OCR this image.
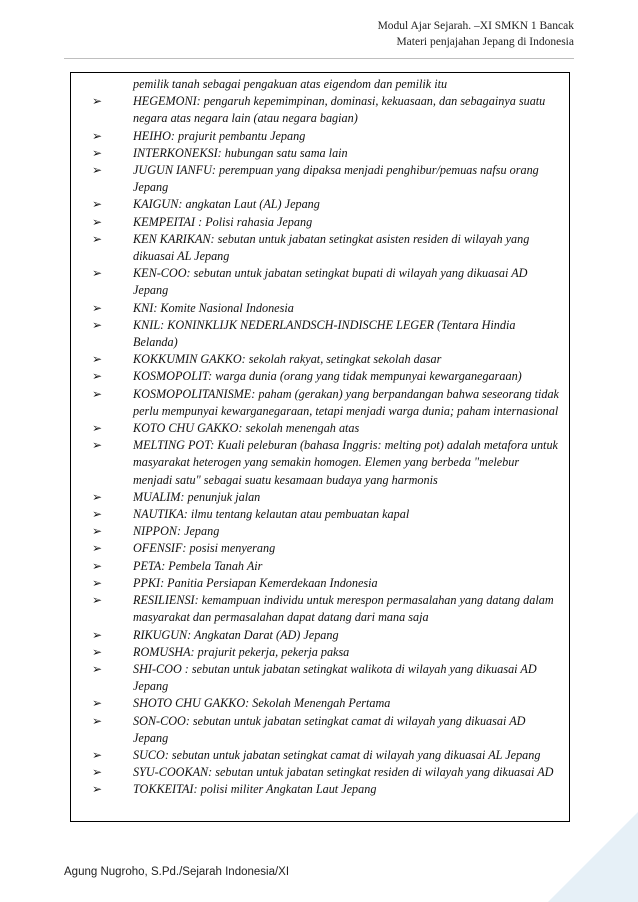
Modul Ajar Sejarah. –XI SMKN 1 Bancak
Materi penjajahan Jepang di Indonesia
pemilik tanah sebagai pengakuan atas eigendom dan pemilik itu
➢	HEGEMONI: pengaruh kepemimpinan, dominasi, kekuasaan, dan sebagainya suatu negara atas negara lain (atau negara bagian)
➢	HEIHO: prajurit pembantu Jepang
➢	INTERKONEKSI: hubungan satu sama lain
➢	JUGUN IANFU: perempuan yang dipaksa menjadi penghibur/pemuas nafsu orang Jepang
➢	KAIGUN: angkatan Laut (AL) Jepang
➢	KEMPEITAI : Polisi rahasia Jepang
➢	KEN KARIKAN: sebutan untuk jabatan setingkat asisten residen di wilayah yang dikuasai AL Jepang
➢	KEN-COO: sebutan untuk jabatan setingkat bupati di wilayah yang dikuasai AD Jepang
➢	KNI: Komite Nasional Indonesia
➢	KNIL: KONINKLIJK NEDERLANDSCH-INDISCHE LEGER (Tentara Hindia Belanda)
➢	KOKKUMIN GAKKO: sekolah rakyat, setingkat sekolah dasar
➢	KOSMOPOLIT: warga dunia (orang yang tidak mempunyai kewarganegaraan)
➢	KOSMOPOLITANISME: paham (gerakan) yang berpandangan bahwa seseorang tidak perlu mempunyai kewarganegaraan, tetapi menjadi warga dunia; paham internasional
➢	KOTO CHU GAKKO: sekolah menengah atas
➢	MELTING POT: Kuali peleburan (bahasa Inggris: melting pot) adalah metafora untuk masyarakat heterogen yang semakin homogen. Elemen yang berbeda "melebur menjadi satu" sebagai suatu kesamaan budaya yang harmonis
➢	MUALIM: penunjuk jalan
➢	NAUTIKA: ilmu tentang kelautan atau pembuatan kapal
➢	NIPPON: Jepang
➢	OFENSIF: posisi menyerang
➢	PETA: Pembela Tanah Air
➢	PPKI: Panitia Persiapan Kemerdekaan Indonesia
➢	RESILIENSI: kemampuan individu untuk merespon permasalahan yang datang dalam masyarakat dan permasalahan dapat datang dari mana saja
➢	RIKUGUN: Angkatan Darat (AD) Jepang
➢	ROMUSHA: prajurit pekerja, pekerja paksa
➢	SHI-COO : sebutan untuk jabatan setingkat walikota di wilayah yang dikuasai AD Jepang
➢	SHOTO CHU GAKKO: Sekolah Menengah Pertama
➢	SON-COO: sebutan untuk jabatan setingkat camat di wilayah yang dikuasai AD Jepang
➢	SUCO: sebutan untuk jabatan setingkat camat di wilayah yang dikuasai AL Jepang
➢	SYU-COOKAN: sebutan untuk jabatan setingkat residen di wilayah yang dikuasai AD
➢	TOKKEITAI: polisi militer Angkatan Laut Jepang
Agung Nugroho, S.Pd./Sejarah Indonesia/XI	15
